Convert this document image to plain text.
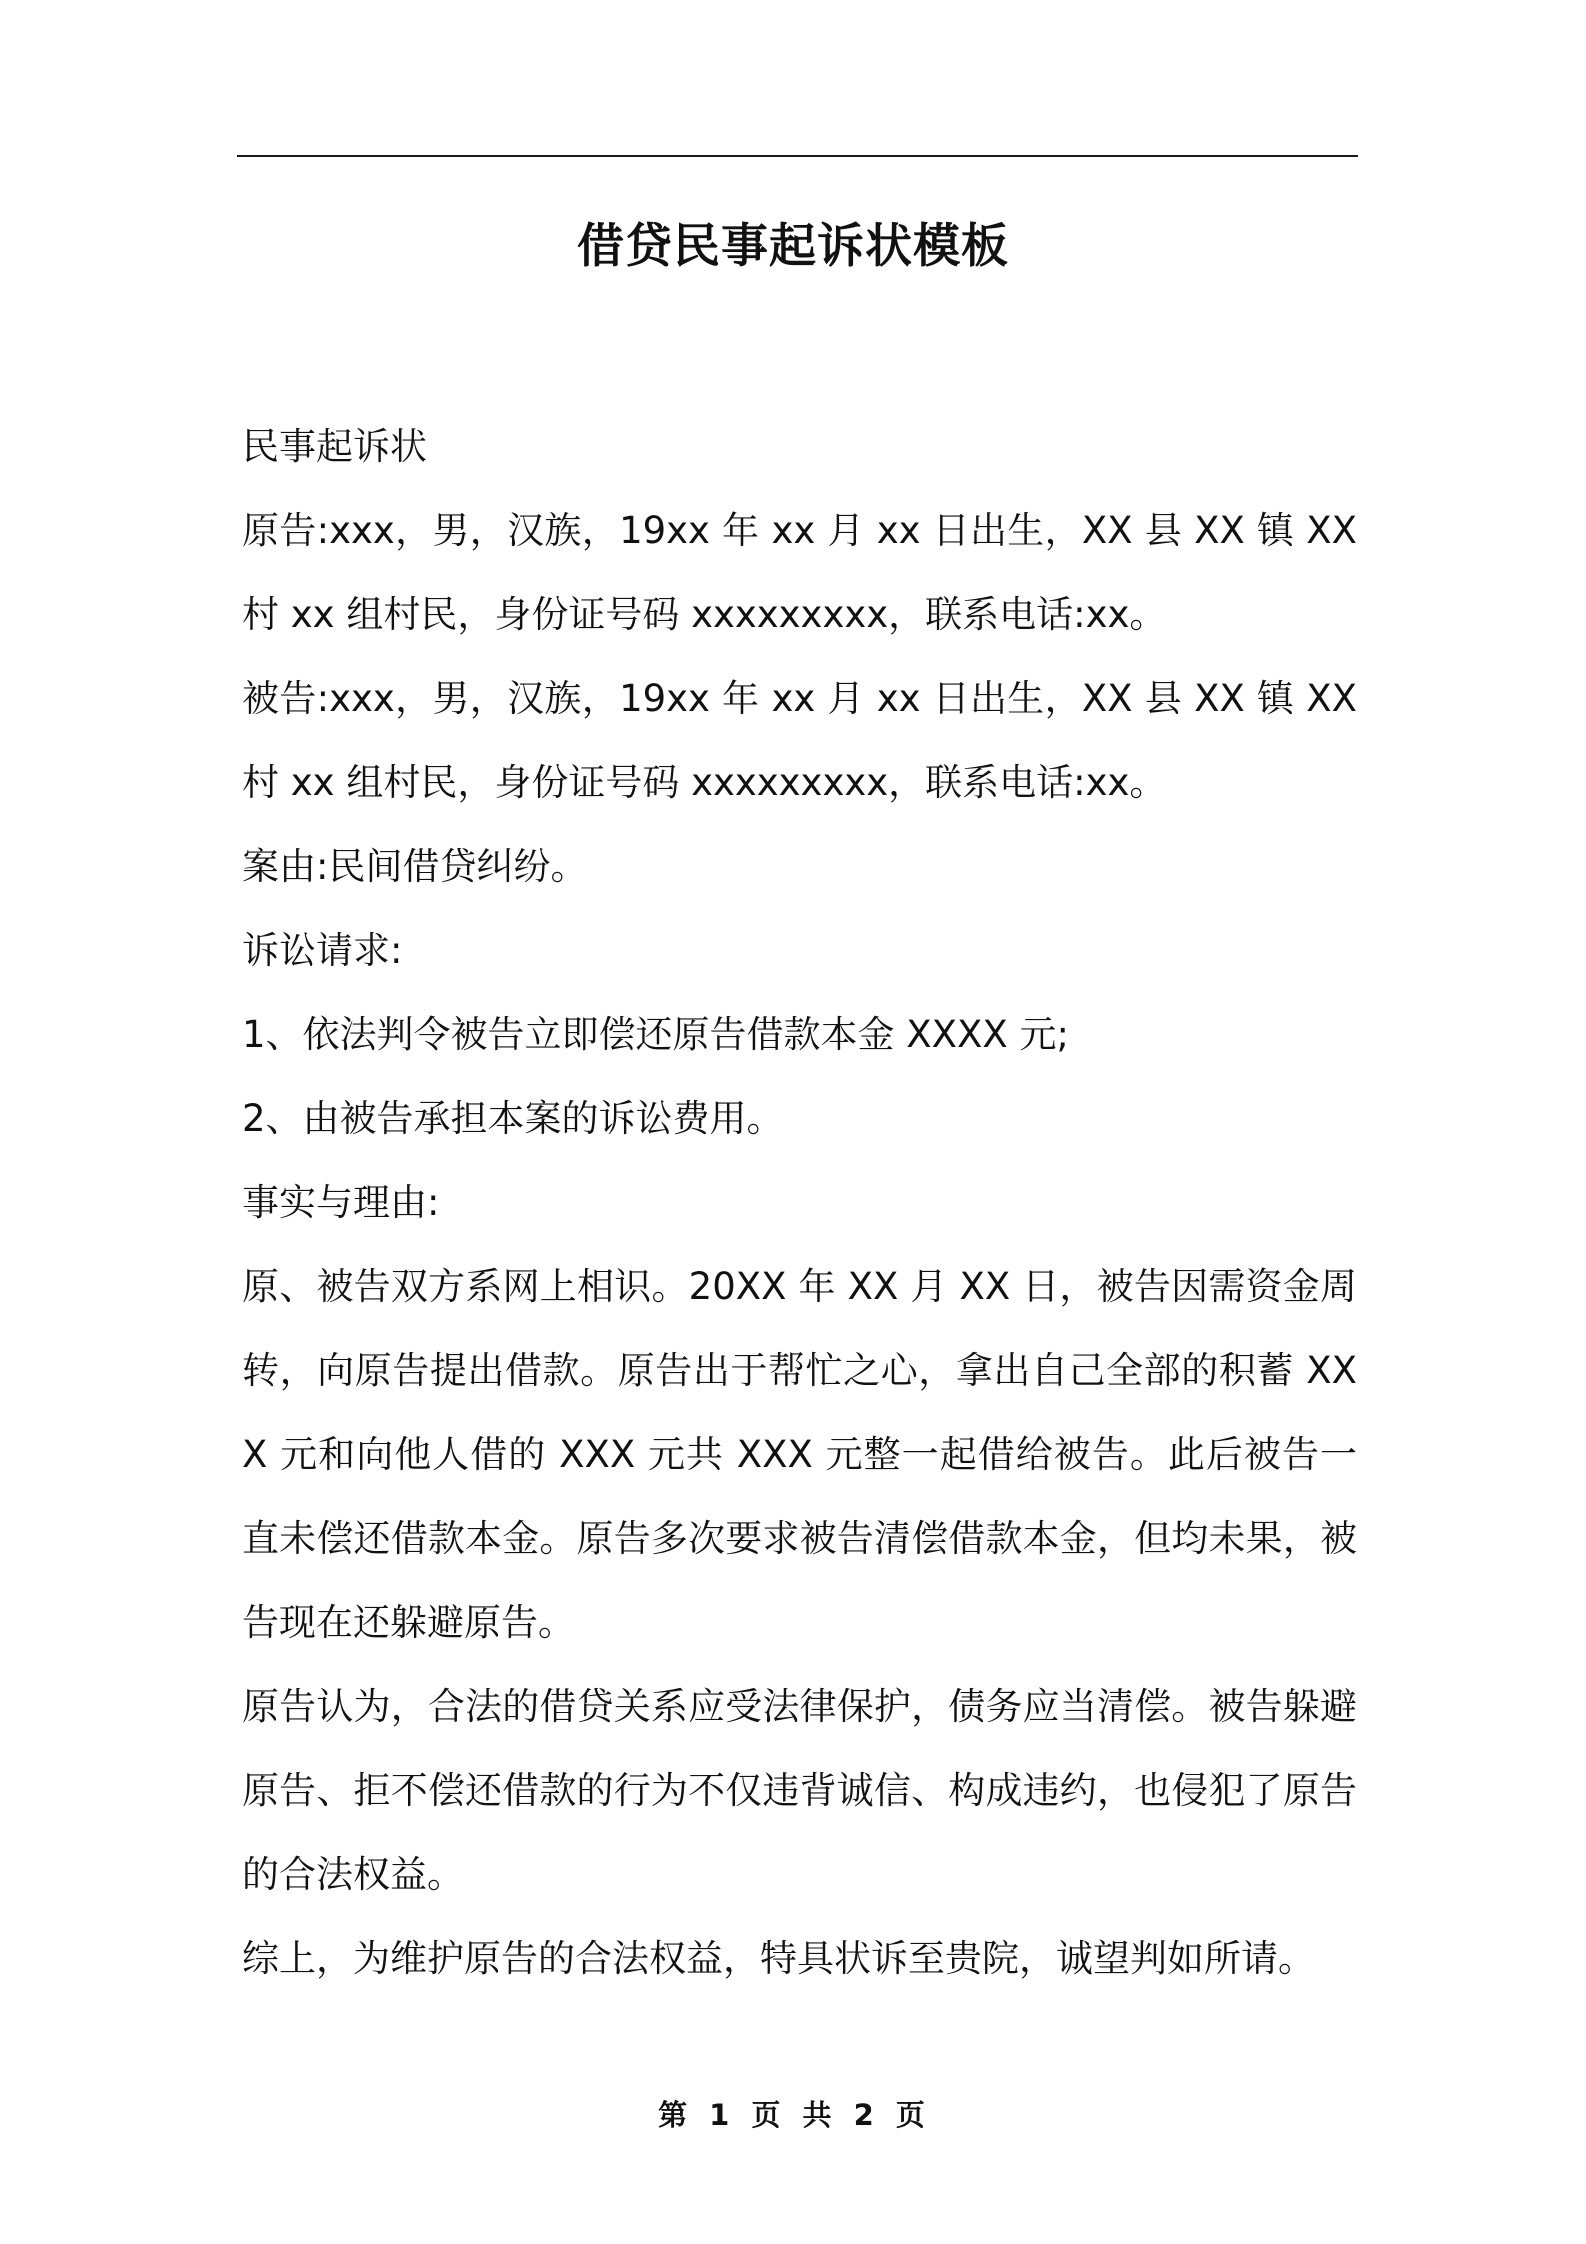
借贷民事起诉状模板

民事起诉状

原告:xxx，男，汉族，19xx 年 xx 月 xx 日出生，XX 县 XX 镇 XX 村 xx 组村民，身份证号码 xxxxxxxxx，联系电话:xx。

被告:xxx，男，汉族，19xx 年 xx 月 xx 日出生，XX 县 XX 镇 XX 村 xx 组村民，身份证号码 xxxxxxxxx，联系电话:xx。

案由:民间借贷纠纷。

诉讼请求:

1、依法判令被告立即偿还原告借款本金 XXXX 元;

2、由被告承担本案的诉讼费用。

事实与理由:

原、被告双方系网上相识。20XX 年 XX 月 XX 日，被告因需资金周转，向原告提出借款。原告出于帮忙之心，拿出自己全部的积蓄 XXX 元和向他人借的 XXX 元共 XXX 元整一起借给被告。此后被告一直未偿还借款本金。原告多次要求被告清偿借款本金，但均未果，被告现在还躲避原告。

原告认为，合法的借贷关系应受法律保护，债务应当清偿。被告躲避原告、拒不偿还借款的行为不仅违背诚信、构成违约，也侵犯了原告的合法权益。

综上，为维护原告的合法权益，特具状诉至贵院，诚望判如所请。

第 1 页 共 2 页
